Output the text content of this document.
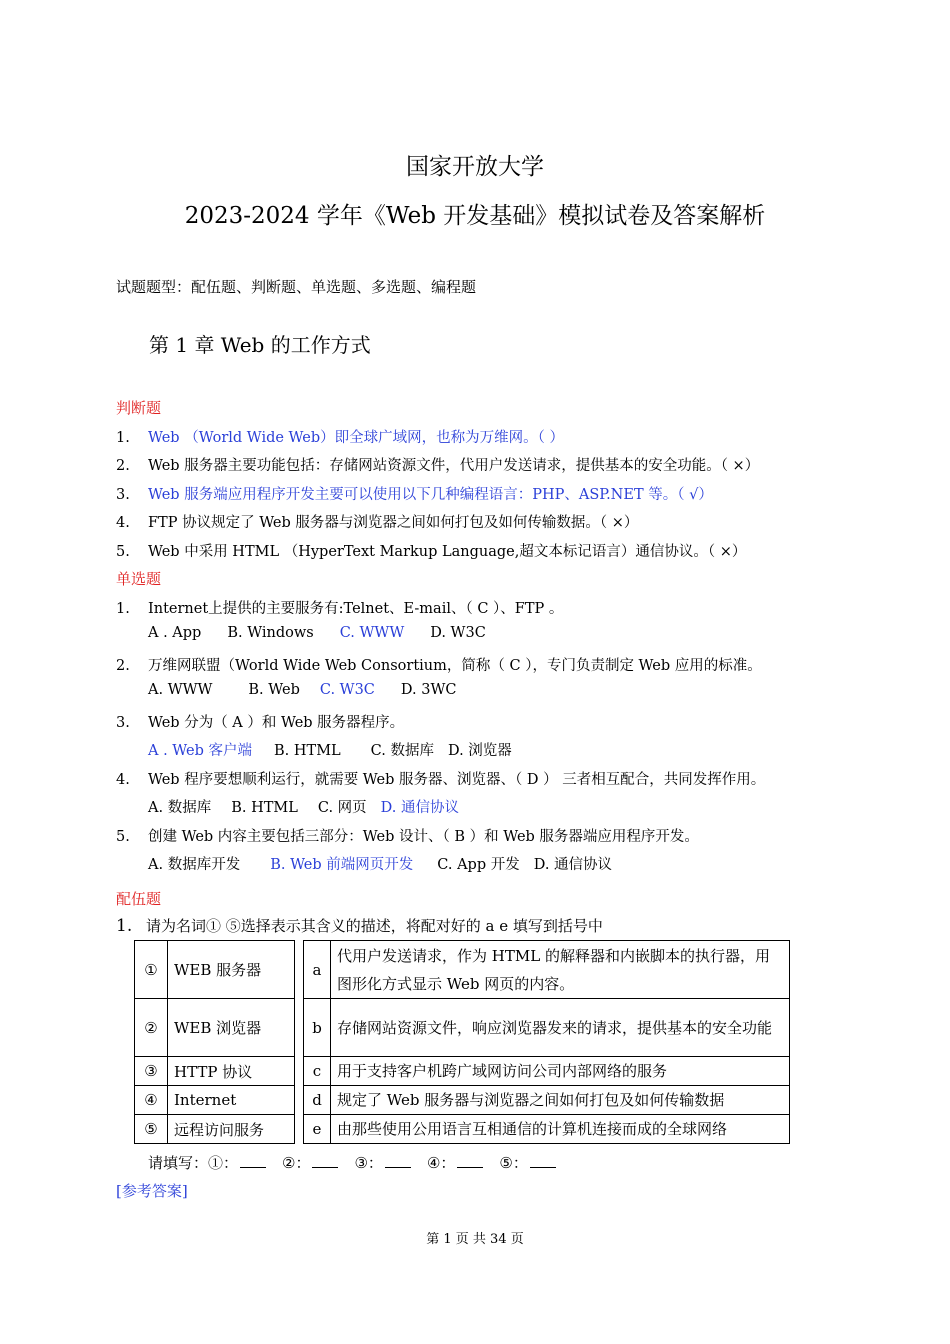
国家开放大学
2023-2024 学年《Web 开发基础》模拟试卷及答案解析
试题题型：配伍题、判断题、单选题、多选题、编程题
第 1 章 Web 的工作方式
判断题
1. Web （World Wide Web）即全球广域网，也称为万维网。（ ）
2. Web 服务器主要功能包括：存储网站资源文件，代用户发送请求，提供基本的安全功能。（ ×）
3. Web 服务端应用程序开发主要可以使用以下几种编程语言：PHP、ASP.NET 等。（ √）
4. FTP 协议规定了 Web 服务器与浏览器之间如何打包及如何传输数据。（ ×）
5. Web 中采用 HTML （HyperText Markup Language,超文本标记语言）通信协议。（ ×）
单选题
1. Internet上提供的主要服务有:Telnet、E-mail、（ C ）、FTP 。
A . App B. Windows C. WWW D. W3C
2. 万维网联盟（World Wide Web Consortium，简称（ C ），专门负责制定 Web 应用的标准。
A. WWW B. Web C. W3C D. 3WC
3. Web 分为（ A ）和 Web 服务器程序。
A . Web 客户端 B. HTML C. 数据库 D. 浏览器
4. Web 程序要想顺利运行，就需要 Web 服务器、浏览器、（ D ） 三者相互配合，共同发挥作用。
A. 数据库 B. HTML C. 网页 D. 通信协议
5. 创建 Web 内容主要包括三部分：Web 设计、（ B ）和 Web 服务器端应用程序开发。
A. 数据库开发 B. Web 前端网页开发 C. App 开发 D. 通信协议
配伍题
1. 请为名词① ⑤选择表示其含义的描述，将配对好的 a e 填写到括号中
①	WEB 服务器		a	代用户发送请求，作为 HTML 的解释器和内嵌脚本的执行器，用图形化方式显示 Web 网页的内容。
②	WEB 浏览器		b	存储网站资源文件，响应浏览器发来的请求，提供基本的安全功能
③	HTTP 协议		c	用于支持客户机跨广域网访问公司内部网络的服务
④	Internet		d	规定了 Web 服务器与浏览器之间如何打包及如何传输数据
⑤	远程访问服务		e	由那些使用公用语言互相通信的计算机连接而成的全球网络
请填写：①：	②：	③：	④：	⑤：
[参考答案]
第 1 页 共 34 页
